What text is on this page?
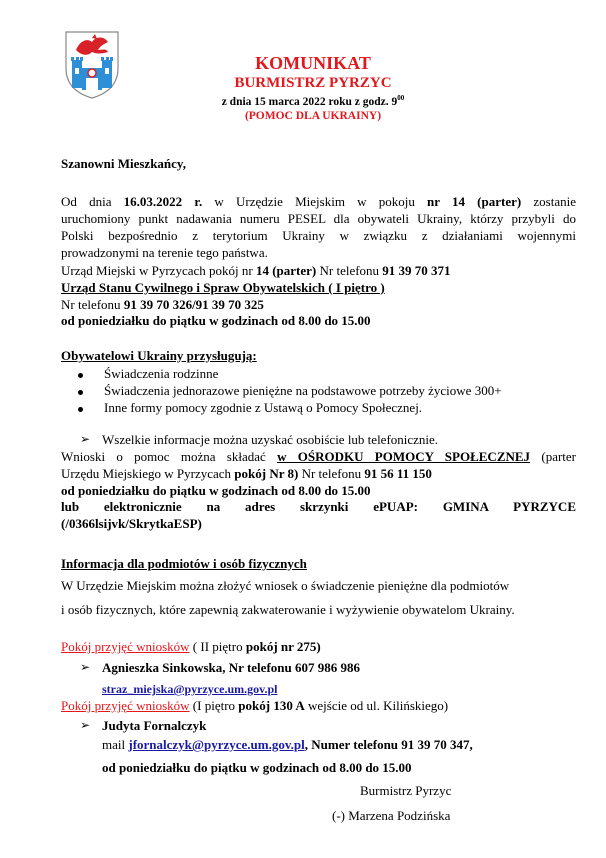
KOMUNIKAT
BURMISTRZ PYRZYC
z dnia 15 marca 2022 roku z godz. $9^{00}$
(POMOC DLA UKRAINY)
Szanowni Mieszkańcy,
Od dnia 16.03.2022 r. w Urzędzie Miejskim w pokoju nr 14 (parter) zostanie
uruchomiony punkt nadawania numeru PESEL dla obywateli Ukrainy, którzy przybyli do
Polski bezpośrednio z terytorium Ukrainy w związku z działaniami wojennymi
prowadzonymi na terenie tego państwa.
Urząd Miejski w Pyrzycach pokój nr 14 (parter) Nr telefonu 91 39 70 371
Urząd Stanu Cywilnego i Spraw Obywatelskich ( I piętro )
Nr telefonu 91 39 70 326/91 39 70 325
od poniedziałku do piątku w godzinach od 8.00 do 15.00
Obywatelowi Ukrainy przysługują:
Świadczenia rodzinne
Świadczenia jednorazowe pieniężne na podstawowe potrzeby życiowe 300+
Inne formy pomocy zgodnie z Ustawą o Pomocy Społecznej.
➢ Wszelkie informacje można uzyskać osobiście lub telefonicznie.
Wnioski o pomoc można składać w OŚRODKU POMOCY SPOŁECZNEJ (parter
Urzędu Miejskiego w Pyrzycach pokój Nr 8) Nr telefonu 91 56 11 150
od poniedziałku do piątku w godzinach od 8.00 do 15.00
lub elektronicznie na adres skrzynki ePUAP: GMINA PYRZYCE
(/0366lsijvk/SkrytkaESP)
Informacja dla podmiotów i osób fizycznych
W Urzędzie Miejskim można złożyć wniosek o świadczenie pieniężne dla podmiotów
i osób fizycznych, które zapewnią zakwaterowanie i wyżywienie obywatelom Ukrainy.
Pokój przyjęć wniosków ( II piętro pokój nr 275)
➢ Agnieszka Sinkowska, Nr telefonu 607 986 986
straz_miejska@pyrzyce.um.gov.pl
Pokój przyjęć wniosków (I piętro pokój 130 A wejście od ul. Kilińskiego)
➢ Judyta Fornalczyk
mail jfornalczyk@pyrzyce.um.gov.pl, Numer telefonu 91 39 70 347,
od poniedziałku do piątku w godzinach od 8.00 do 15.00
Burmistrz Pyrzyc
(-) Marzena Podzińska
